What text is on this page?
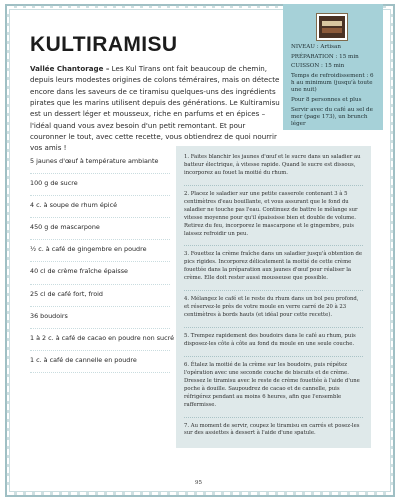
KULTIRAMISU	NIVEAU : Artisan
PRÉPARATION : 15 min
CUISSON : 15 min
Temps de refroidissement : 6 h au minimum (jusqu'à toute une nuit)
Pour 8 personnes et plus
Servir avec du café au sel de mer (page 173), un brunch léger

Vallée Chantorage – Les Kul Tirans ont fait beaucoup de chemin, depuis leurs modestes origines de colons téméraires, mais on détecte encore dans les saveurs de ce tiramisu quelques-uns des ingrédients pirates que les marins utilisent depuis des générations. Le Kultiramisu est un dessert léger et mousseux, riche en parfums et en épices – l'idéal quand vous avez besoin d'un petit remontant. Et pour couronner le tout, avec cette recette, vous obtiendrez de quoi nourrir vos amis !

5 jaunes d'œuf à température ambiante
100 g de sucre
4 c. à soupe de rhum épicé
450 g de mascarpone
½ c. à café de gingembre en poudre
40 cl de crème fraîche épaisse
25 cl de café fort, froid
36 boudoirs
1 à 2 c. à café de cacao en poudre non sucré
1 c. à café de cannelle en poudre

1. Faites blanchir les jaunes d'œuf et le sucre dans un saladier au batteur électrique, à vitesse rapide. Quand le sucre est dissous, incorporez au fouet la moitié du rhum.

2. Placez le saladier sur une petite casserole contenant 3 à 5 centimètres d'eau bouillante, et vous assurant que le fond du saladier ne touche pas l'eau. Continuez de battre le mélange sur vitesse moyenne pour qu'il épaississe bien et double de volume. Retirez du feu, incorporez le mascarpone et le gingembre, puis laissez refroidir un peu.

3. Fouettez la crème fraîche dans un saladier jusqu'à obtention de pics rigides. Incorporez délicatement la moitié de cette crème fouettée dans la préparation aux jaunes d'œuf pour réaliser la crème. Elle doit rester aussi mousseuse que possible.

4. Mélangez le café et le reste du rhum dans un bol peu profond, et réservez-le près de votre moule en verre carré de 20 à 23 centimètres à bords hauts (et idéal pour cette recette).

5. Trempez rapidement des boudoirs dans le café au rhum, puis disposez-les côte à côte au fond du moule en une seule couche.

6. Étalez la moitié de la crème sur les boudoirs, puis répétez l'opération avec une seconde couche de biscuits et de crème. Dressez le tiramisu avec le reste de crème fouettée à l'aide d'une poche à douille. Saupoudrez de cacao et de cannelle, puis réfrigérez pendant au moins 6 heures, afin que l'ensemble raffermisse.

7. Au moment de servir, coupez le tiramisu en carrés et posez-les sur des assiettes à dessert à l'aide d'une spatule.

95
